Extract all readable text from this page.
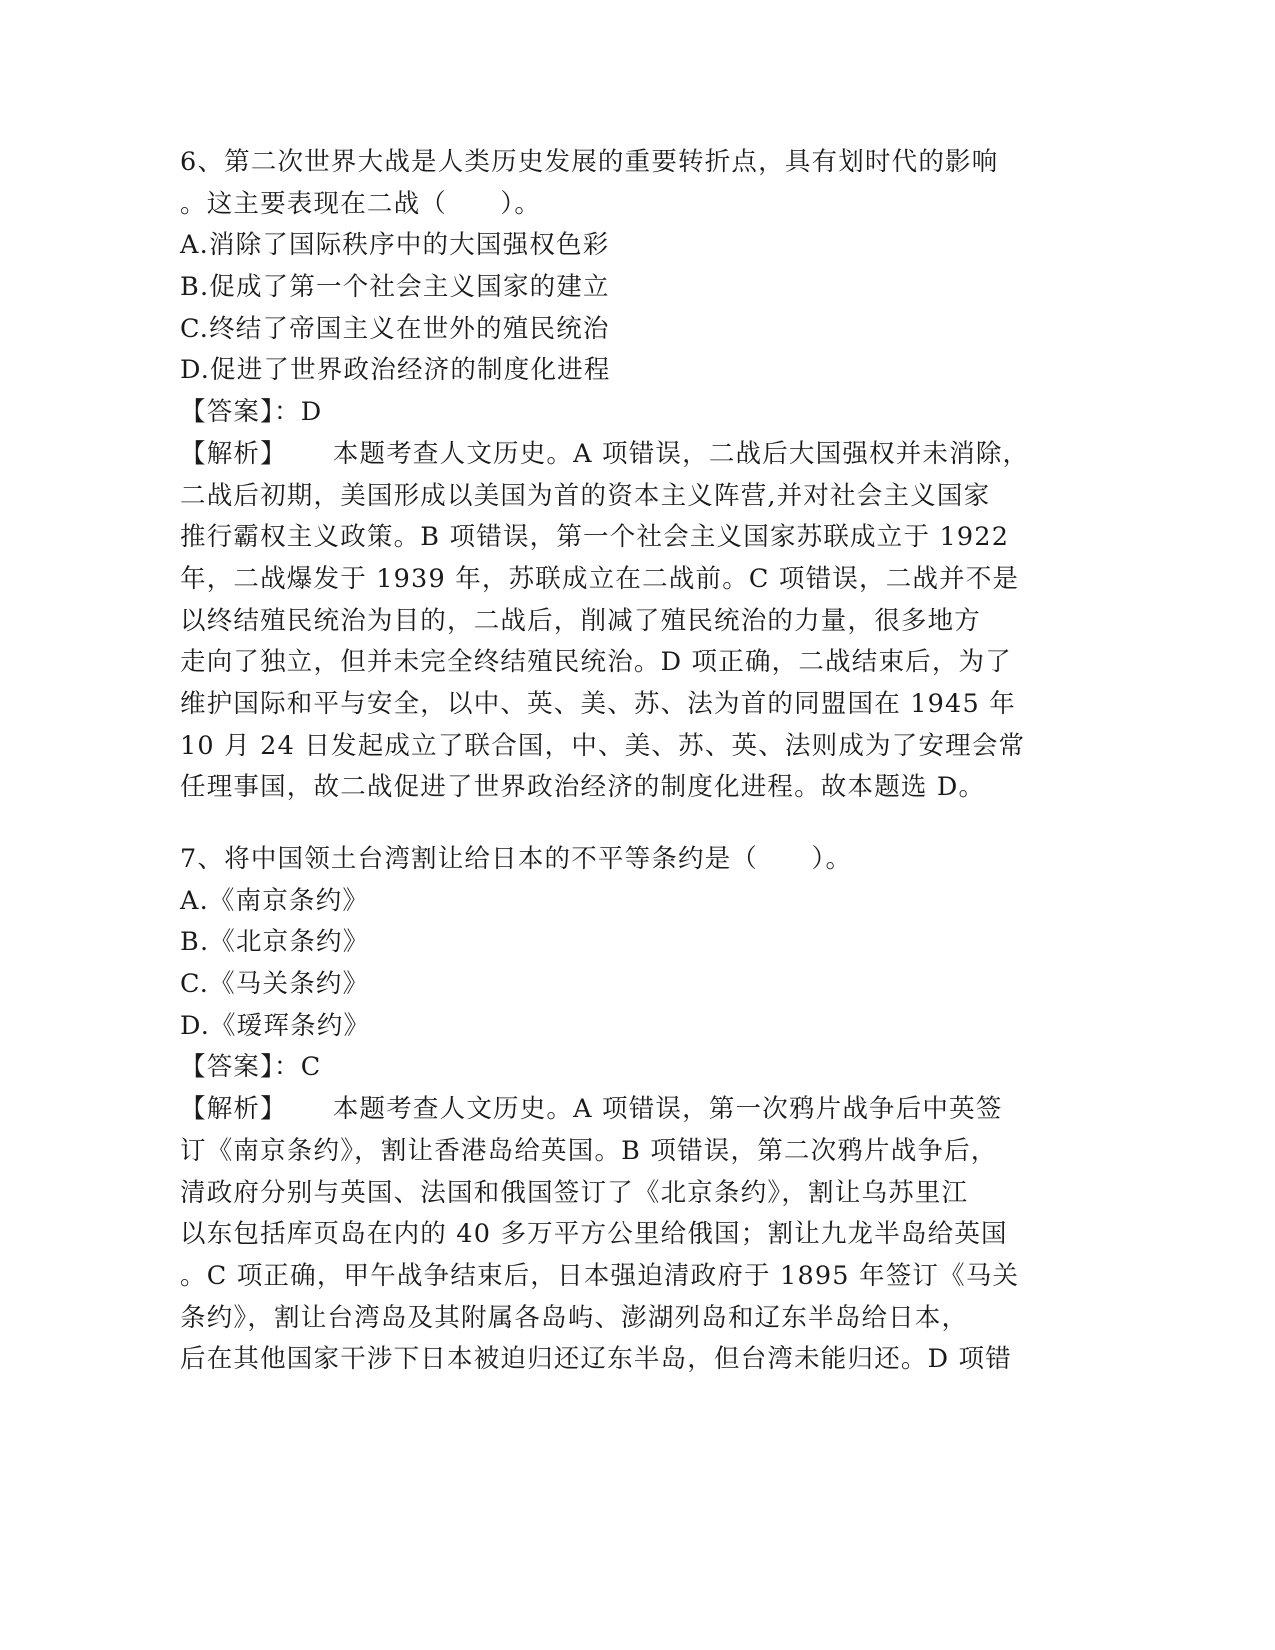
6、第二次世界大战是人类历史发展的重要转折点，具有划时代的影响
。这主要表现在二战（　　）。
A.消除了国际秩序中的大国强权色彩
B.促成了第一个社会主义国家的建立
C.终结了帝国主义在世外的殖民统治
D.促进了世界政治经济的制度化进程
【答案】：D
【解析】 本题考查人文历史。A 项错误，二战后大国强权并未消除，
二战后初期，美国形成以美国为首的资本主义阵营,并对社会主义国家
推行霸权主义政策。B 项错误，第一个社会主义国家苏联成立于 1922
年，二战爆发于 1939 年，苏联成立在二战前。C 项错误，二战并不是
以终结殖民统治为目的，二战后，削减了殖民统治的力量，很多地方
走向了独立，但并未完全终结殖民统治。D 项正确，二战结束后，为了
维护国际和平与安全，以中、英、美、苏、法为首的同盟国在 1945 年
10 月 24 日发起成立了联合国，中、美、苏、英、法则成为了安理会常
任理事国，故二战促进了世界政治经济的制度化进程。故本题选 D。
7、将中国领土台湾割让给日本的不平等条约是（　　）。
A.《南京条约》
B.《北京条约》
C.《马关条约》
D.《瑷珲条约》
【答案】：C
【解析】 本题考查人文历史。A 项错误，第一次鸦片战争后中英签
订《南京条约》，割让香港岛给英国。B 项错误，第二次鸦片战争后，
清政府分别与英国、法国和俄国签订了《北京条约》，割让乌苏里江
以东包括库页岛在内的 40 多万平方公里给俄国；割让九龙半岛给英国
。C 项正确，甲午战争结束后，日本强迫清政府于 1895 年签订《马关
条约》，割让台湾岛及其附属各岛屿、澎湖列岛和辽东半岛给日本，
后在其他国家干涉下日本被迫归还辽东半岛，但台湾未能归还。D 项错
